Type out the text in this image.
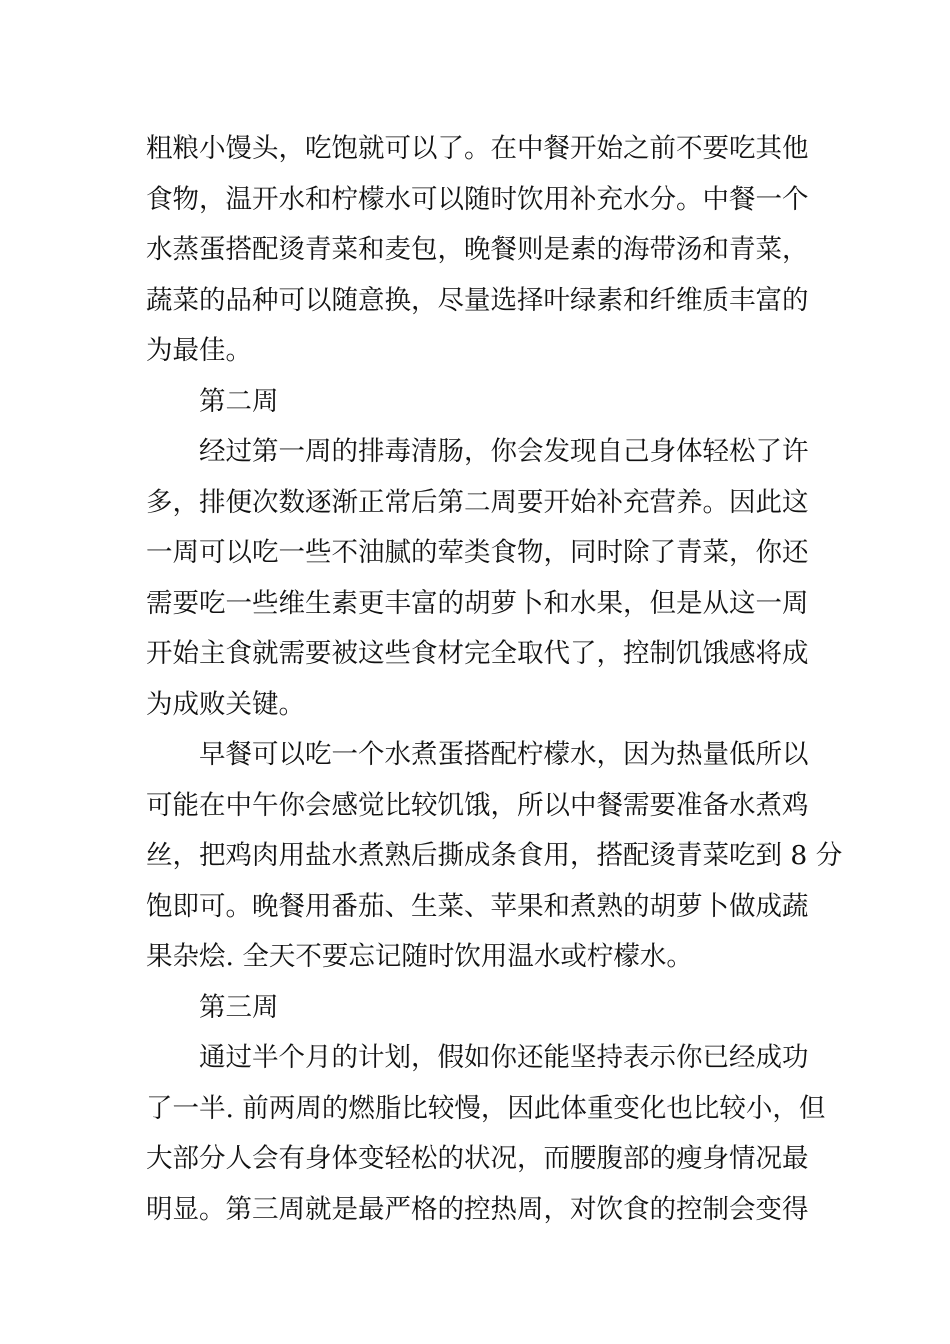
粗粮小馒头，吃饱就可以了。在中餐开始之前不要吃其他
食物，温开水和柠檬水可以随时饮用补充水分。中餐一个
水蒸蛋搭配烫青菜和麦包，晚餐则是素的海带汤和青菜，
蔬菜的品种可以随意换，尽量选择叶绿素和纤维质丰富的
为最佳。
第二周
经过第一周的排毒清肠，你会发现自己身体轻松了许
多，排便次数逐渐正常后第二周要开始补充营养。因此这
一周可以吃一些不油腻的荤类食物，同时除了青菜，你还
需要吃一些维生素更丰富的胡萝卜和水果，但是从这一周
开始主食就需要被这些食材完全取代了，控制饥饿感将成
为成败关键。
早餐可以吃一个水煮蛋搭配柠檬水，因为热量低所以
可能在中午你会感觉比较饥饿，所以中餐需要准备水煮鸡
丝，把鸡肉用盐水煮熟后撕成条食用，搭配烫青菜吃到 8 分
饱即可。晚餐用番茄、生菜、苹果和煮熟的胡萝卜做成蔬
果杂烩. 全天不要忘记随时饮用温水或柠檬水。
第三周
通过半个月的计划，假如你还能坚持表示你已经成功
了一半. 前两周的燃脂比较慢，因此体重变化也比较小，但
大部分人会有身体变轻松的状况，而腰腹部的瘦身情况最
明显。第三周就是最严格的控热周，对饮食的控制会变得
